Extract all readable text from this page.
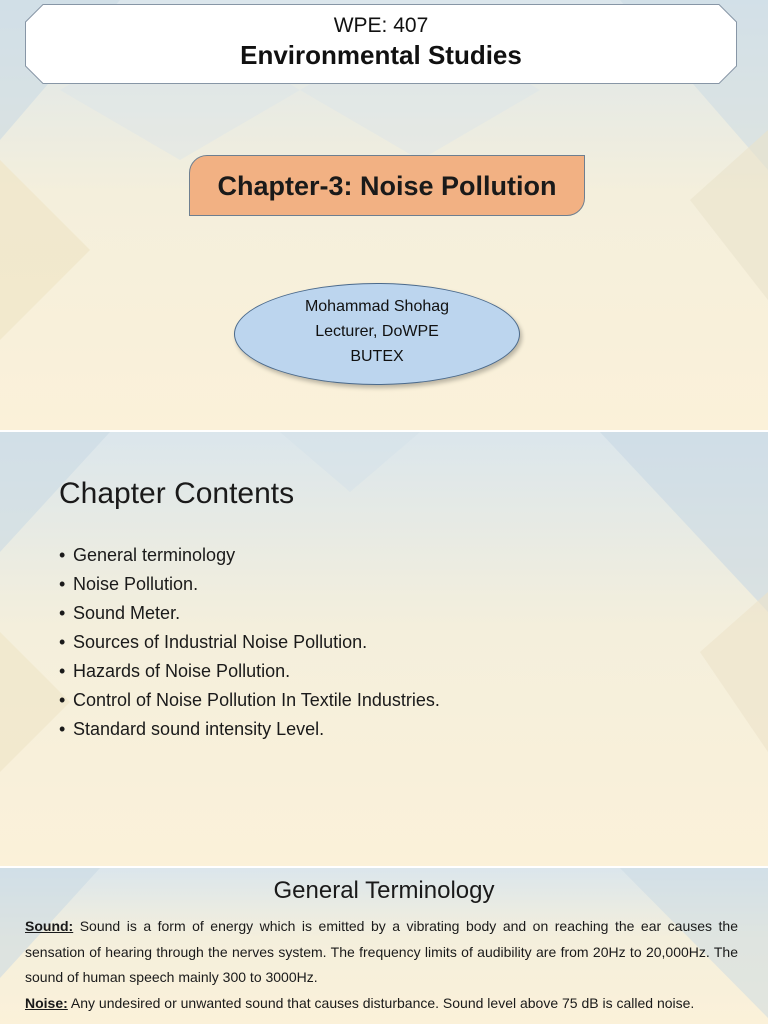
WPE: 407
Environmental Studies
Chapter-3: Noise Pollution
Mohammad Shohag
Lecturer, DoWPE
BUTEX
Chapter Contents
• General terminology
• Noise Pollution.
• Sound Meter.
• Sources of Industrial Noise Pollution.
• Hazards of Noise Pollution.
• Control of Noise Pollution In Textile Industries.
• Standard sound intensity Level.
General Terminology

Sound: Sound is a form of energy which is emitted by a vibrating body and on reaching the ear causes the sensation of hearing through the nerves system. The frequency limits of audibility are from 20Hz to 20,000Hz. The sound of human speech mainly 300 to 3000Hz.

Noise: Any undesired or unwanted sound that causes disturbance. Sound level above 75 dB is called noise.
